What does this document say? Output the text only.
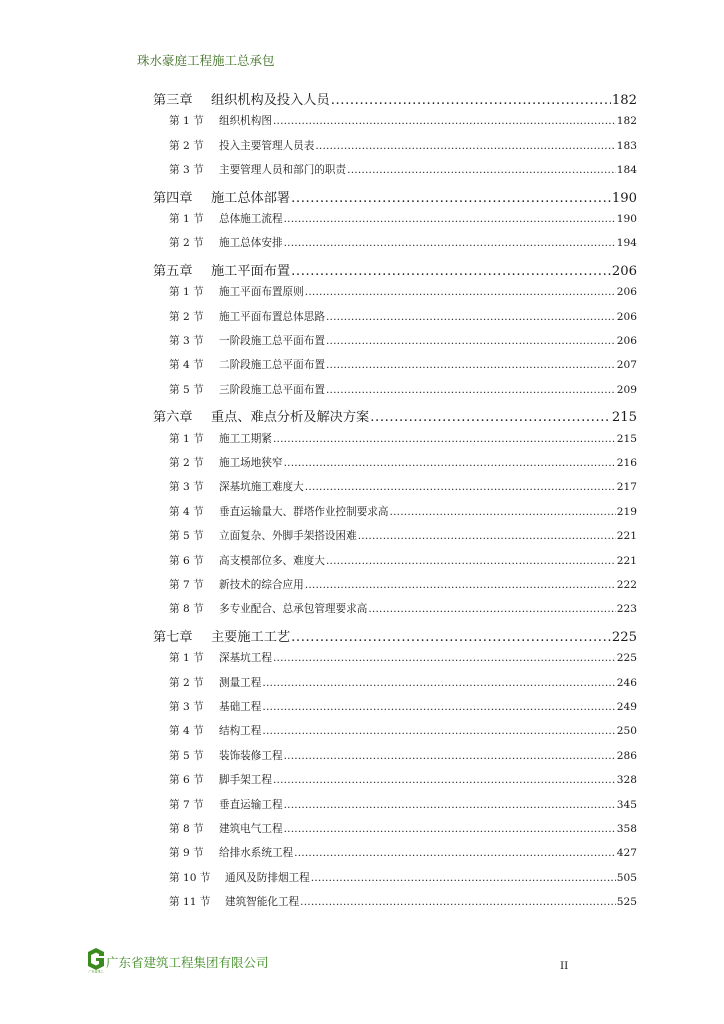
珠水豪庭工程施工总承包
第三章	组织机构及投入人员 .....	182
第 1 节	组织机构图 .....	182
第 2 节	投入主要管理人员表 .....	183
第 3 节	主要管理人员和部门的职责 .....	184
第四章	施工总体部署 .....	190
第 1 节	总体施工流程 .....	190
第 2 节	施工总体安排 .....	194
第五章	施工平面布置 .....	206
第 1 节	施工平面布置原则 .....	206
第 2 节	施工平面布置总体思路 .....	206
第 3 节	一阶段施工总平面布置 .....	206
第 4 节	二阶段施工总平面布置 .....	207
第 5 节	三阶段施工总平面布置 .....	209
第六章	重点、难点分析及解决方案 .....	215
第 1 节	施工工期紧 .....	215
第 2 节	施工场地狭窄 .....	216
第 3 节	深基坑施工难度大 .....	217
第 4 节	垂直运输量大、群塔作业控制要求高 .....	219
第 5 节	立面复杂、外脚手架搭设困难 .....	221
第 6 节	高支模部位多、难度大 .....	221
第 7 节	新技术的综合应用 .....	222
第 8 节	多专业配合、总承包管理要求高 .....	223
第七章	主要施工工艺 .....	225
第 1 节	深基坑工程 .....	225
第 2 节	测量工程 .....	246
第 3 节	基础工程 .....	249
第 4 节	结构工程 .....	250
第 5 节	装饰装修工程 .....	286
第 6 节	脚手架工程 .....	328
第 7 节	垂直运输工程 .....	345
第 8 节	建筑电气工程 .....	358
第 9 节	给排水系统工程 .....	427
第 10 节	通风及防排烟工程 .....	505
第 11 节	建筑智能化工程 .....	525
广东省建工
广东省建筑工程集团有限公司	II
